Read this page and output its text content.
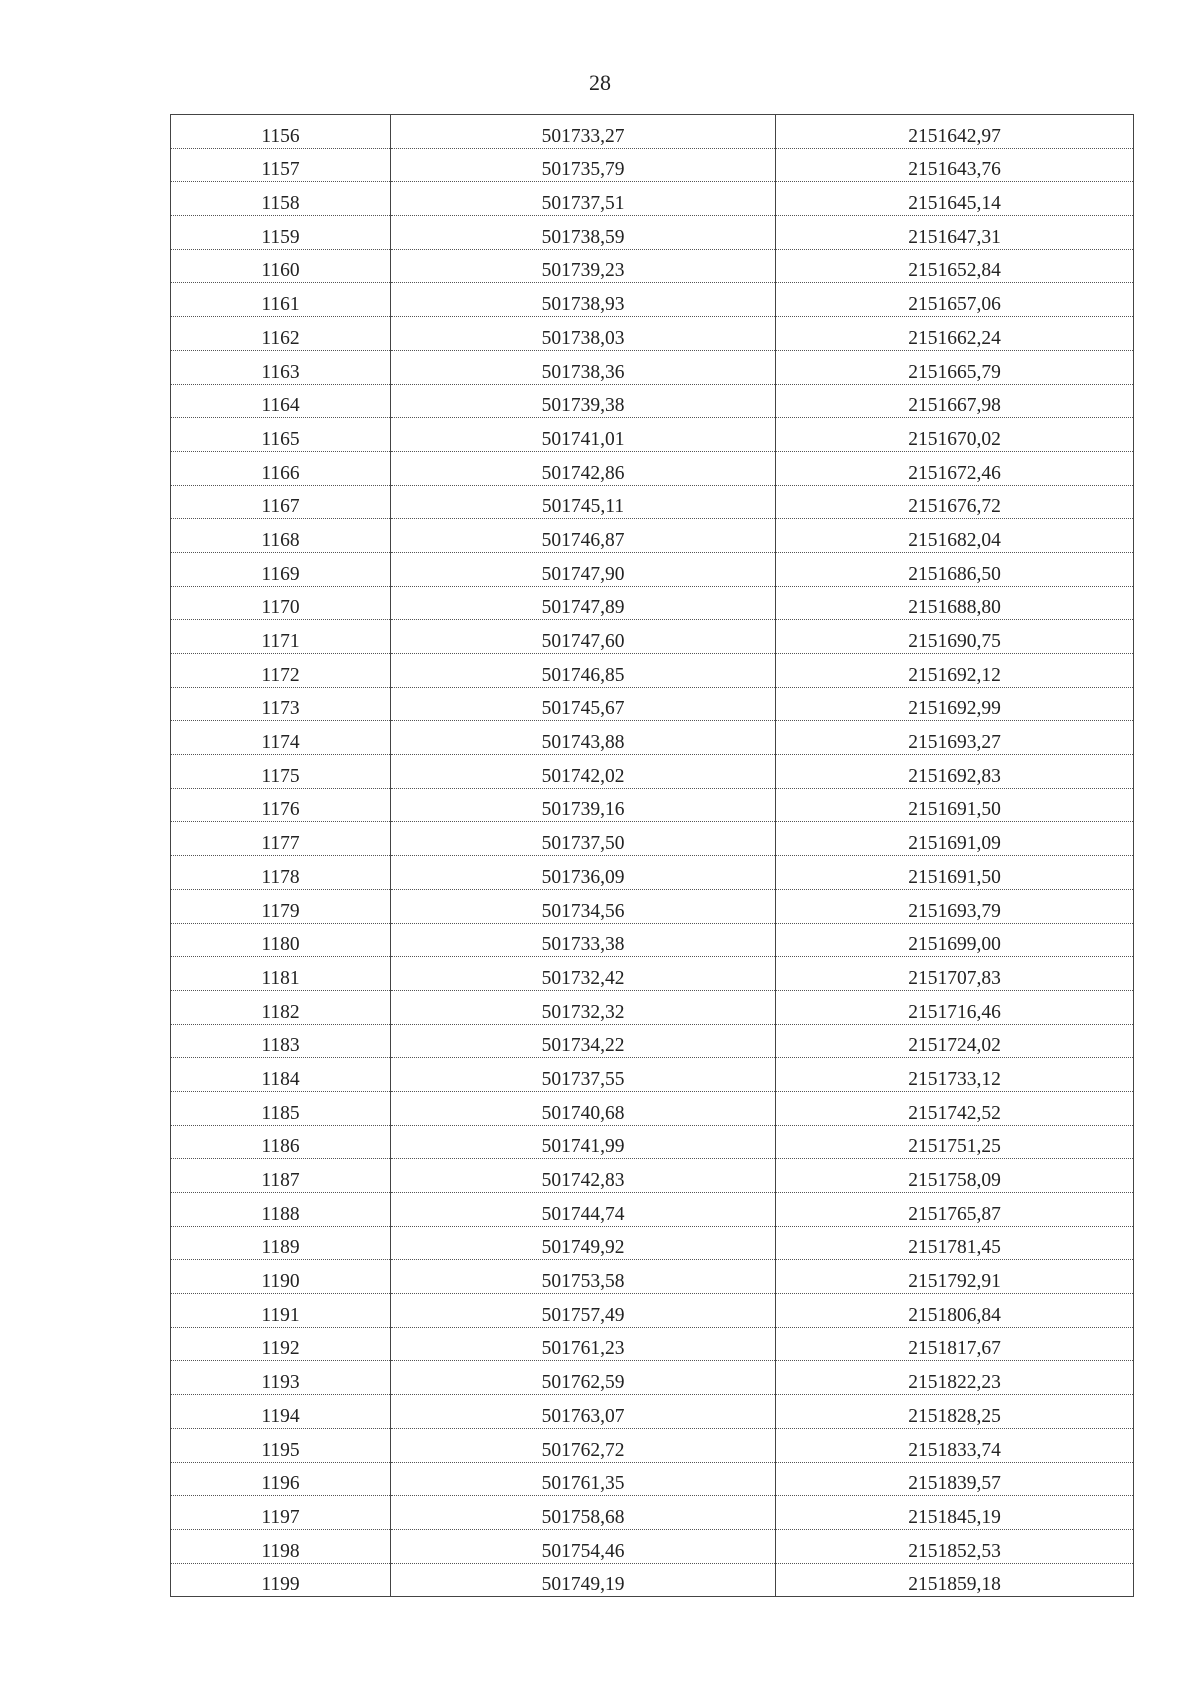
28
1156	501733,27	2151642,97
1157	501735,79	2151643,76
1158	501737,51	2151645,14
1159	501738,59	2151647,31
1160	501739,23	2151652,84
1161	501738,93	2151657,06
1162	501738,03	2151662,24
1163	501738,36	2151665,79
1164	501739,38	2151667,98
1165	501741,01	2151670,02
1166	501742,86	2151672,46
1167	501745,11	2151676,72
1168	501746,87	2151682,04
1169	501747,90	2151686,50
1170	501747,89	2151688,80
1171	501747,60	2151690,75
1172	501746,85	2151692,12
1173	501745,67	2151692,99
1174	501743,88	2151693,27
1175	501742,02	2151692,83
1176	501739,16	2151691,50
1177	501737,50	2151691,09
1178	501736,09	2151691,50
1179	501734,56	2151693,79
1180	501733,38	2151699,00
1181	501732,42	2151707,83
1182	501732,32	2151716,46
1183	501734,22	2151724,02
1184	501737,55	2151733,12
1185	501740,68	2151742,52
1186	501741,99	2151751,25
1187	501742,83	2151758,09
1188	501744,74	2151765,87
1189	501749,92	2151781,45
1190	501753,58	2151792,91
1191	501757,49	2151806,84
1192	501761,23	2151817,67
1193	501762,59	2151822,23
1194	501763,07	2151828,25
1195	501762,72	2151833,74
1196	501761,35	2151839,57
1197	501758,68	2151845,19
1198	501754,46	2151852,53
1199	501749,19	2151859,18
